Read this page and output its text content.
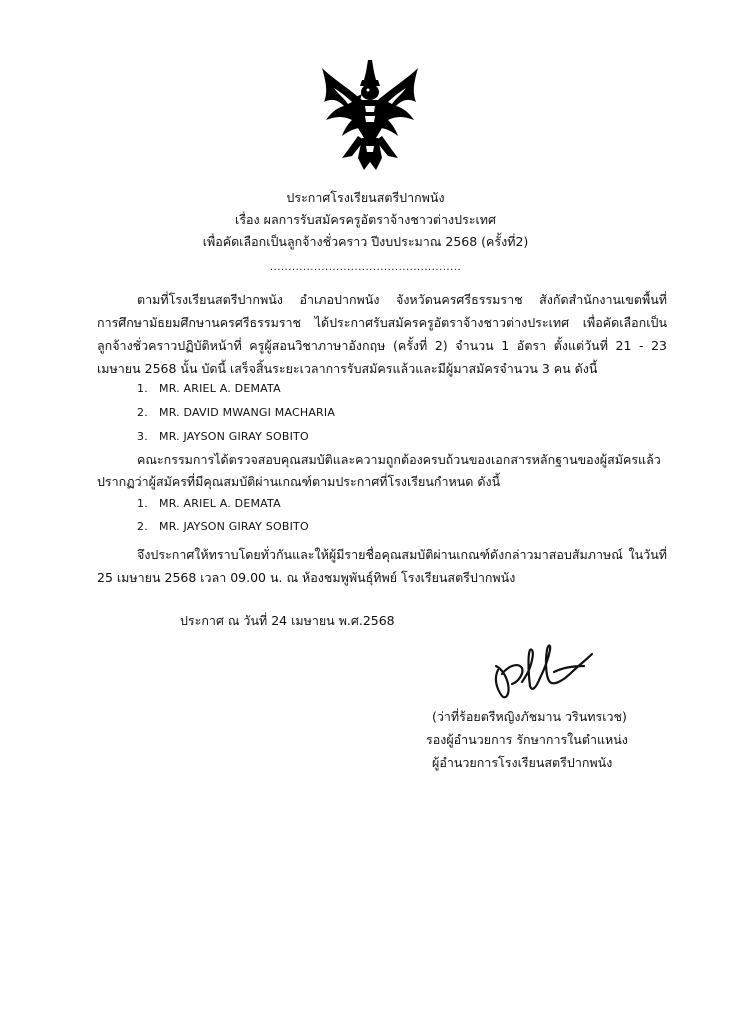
ประกาศโรงเรียนสตรีปากพนัง
เรื่อง ผลการรับสมัครครูอัตราจ้างชาวต่างประเทศ
เพื่อคัดเลือกเป็นลูกจ้างชั่วคราว ปีงบประมาณ 2568 (ครั้งที่2)
....................................................
ตามที่โรงเรียนสตรีปากพนัง อำเภอปากพนัง จังหวัดนครศรีธรรมราช สังกัดสำนักงานเขตพื้นที่
การศึกษามัธยมศึกษานครศรีธรรมราช ได้ประกาศรับสมัครครูอัตราจ้างชาวต่างประเทศ เพื่อคัดเลือกเป็น
ลูกจ้างชั่วคราวปฏิบัติหน้าที่ ครูผู้สอนวิชาภาษาอังกฤษ (ครั้งที่ 2) จำนวน 1 อัตรา ตั้งแต่วันที่ 21 - 23
เมษายน 2568 นั้น บัดนี้ เสร็จสิ้นระยะเวลาการรับสมัครแล้วและมีผู้มาสมัครจำนวน 3 คน ดังนี้
1. MR. ARIEL A. DEMATA
2. MR. DAVID MWANGI MACHARIA
3. MR. JAYSON GIRAY SOBITO
คณะกรรมการได้ตรวจสอบคุณสมบัติและความถูกต้องครบถ้วนของเอกสารหลักฐานของผู้สมัครแล้ว
ปรากฏว่าผู้สมัครที่มีคุณสมบัติผ่านเกณฑ์ตามประกาศที่โรงเรียนกำหนด ดังนี้
1. MR. ARIEL A. DEMATA
2. MR. JAYSON GIRAY SOBITO
จึงประกาศให้ทราบโดยทั่วกันและให้ผู้มีรายชื่อคุณสมบัติผ่านเกณฑ์ดังกล่าวมาสอบสัมภาษณ์ ในวันที่
25 เมษายน 2568 เวลา 09.00 น. ณ ห้องชมพูพันธุ์ทิพย์ โรงเรียนสตรีปากพนัง
ประกาศ ณ วันที่ 24 เมษายน พ.ศ.2568
(ว่าที่ร้อยตรีหญิงภัชมาน วรินทรเวช)
รองผู้อำนวยการ รักษาการในตำแหน่ง
ผู้อำนวยการโรงเรียนสตรีปากพนัง
